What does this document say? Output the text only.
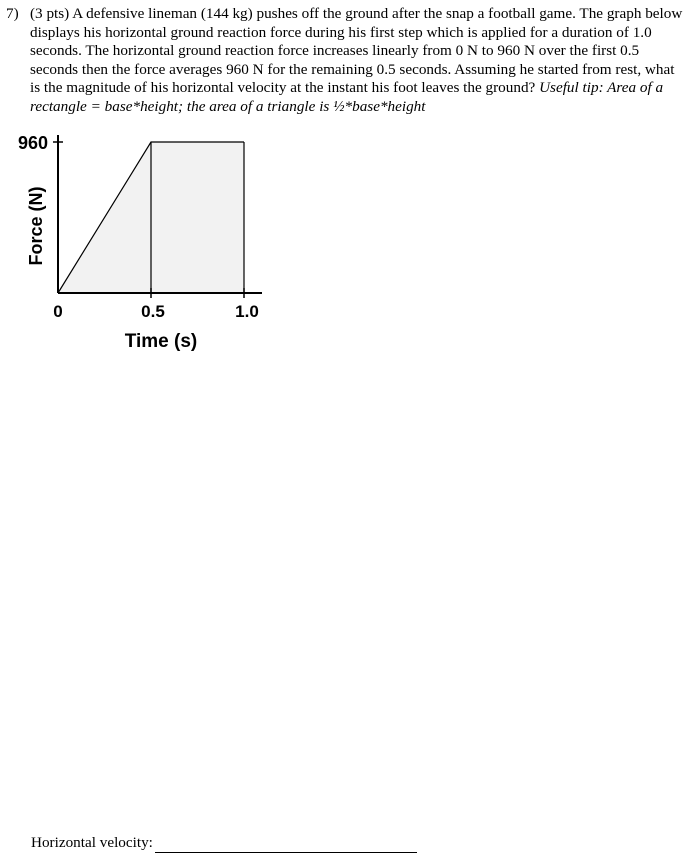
7) (3 pts) A defensive lineman (144 kg) pushes off the ground after the snap a football game. The graph below displays his horizontal ground reaction force during his first step which is applied for a duration of 1.0 seconds. The horizontal ground reaction force increases linearly from 0 N to 960 N over the first 0.5 seconds then the force averages 960 N for the remaining 0.5 seconds. Assuming he started from rest, what is the magnitude of his horizontal velocity at the instant his foot leaves the ground? Useful tip: Area of a rectangle = base*height; the area of a triangle is ½*base*height
960
0	0.5	1.0
Time (s)
Force (N)
Horizontal velocity:
